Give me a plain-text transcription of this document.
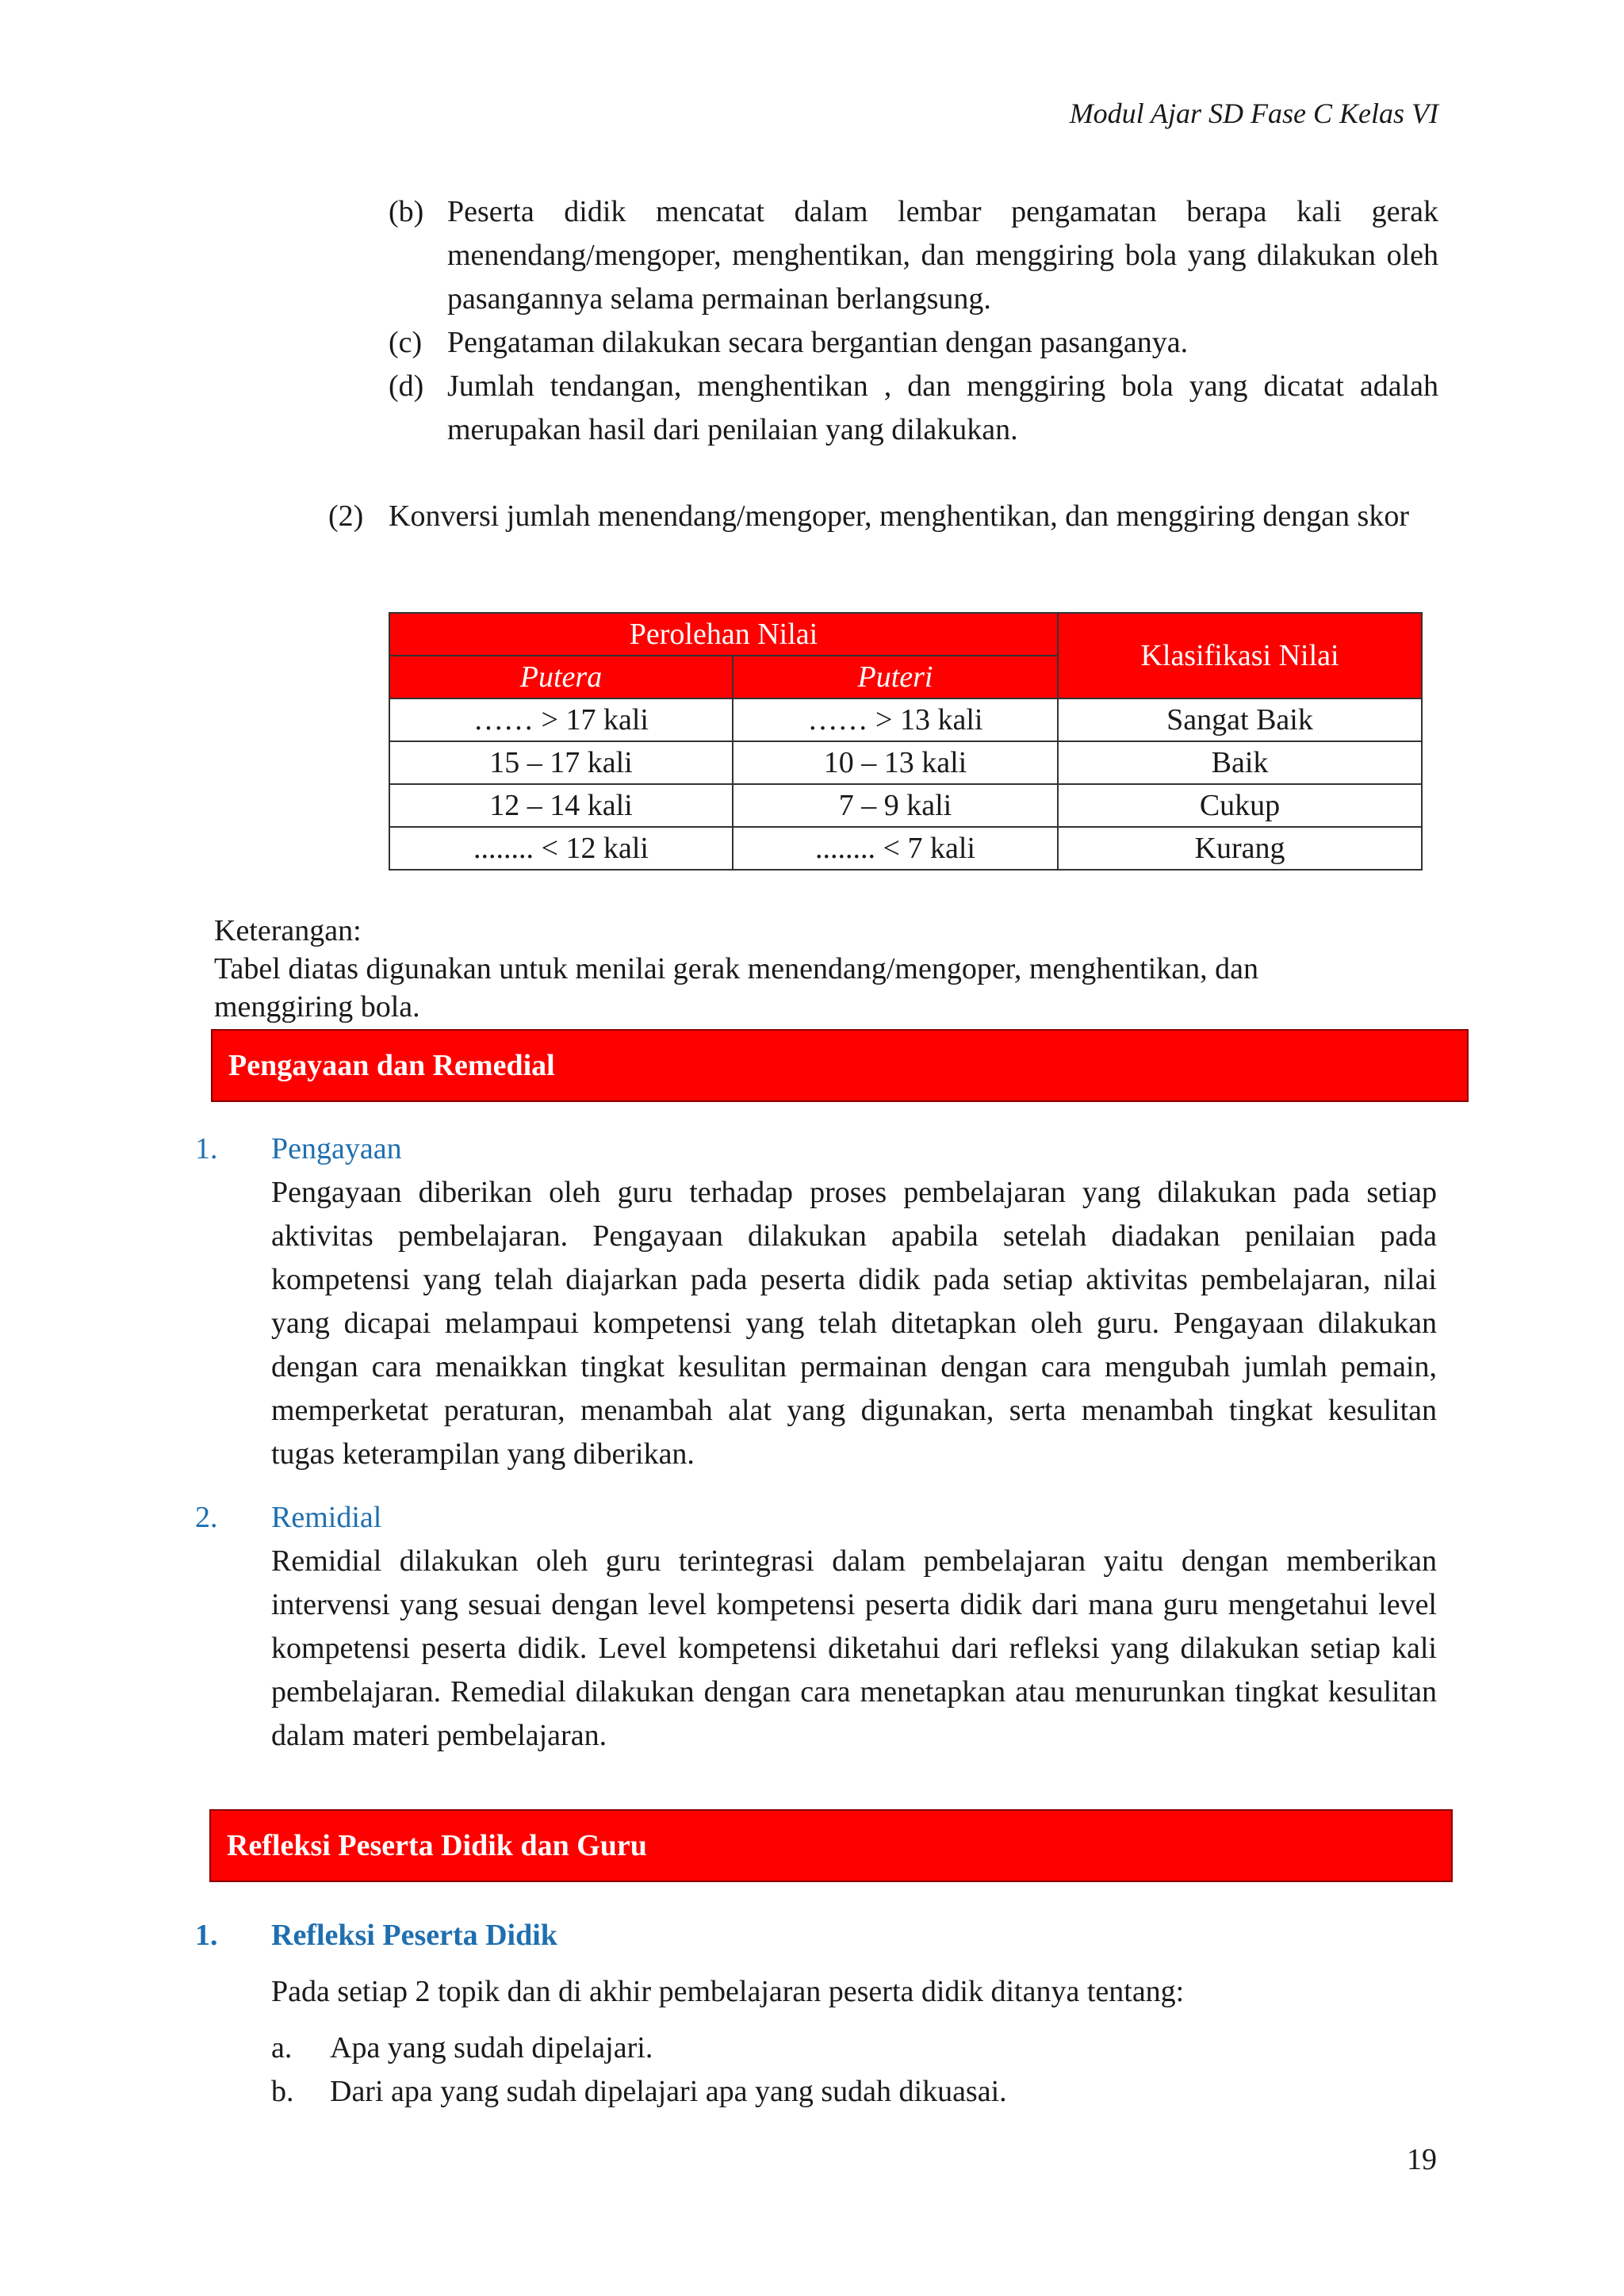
Modul Ajar SD Fase C Kelas VI
(b) Peserta didik mencatat dalam lembar pengamatan berapa kali gerak menendang/mengoper, menghentikan, dan menggiring bola yang dilakukan oleh pasangannya selama permainan berlangsung.
(c) Pengataman dilakukan secara bergantian dengan pasanganya.
(d) Jumlah tendangan, menghentikan , dan menggiring bola yang dicatat adalah merupakan hasil dari penilaian yang dilakukan.
(2) Konversi jumlah menendang/mengoper, menghentikan, dan menggiring dengan skor
Perolehan Nilai		Klasifikasi Nilai
Putera	Puteri	
…… > 17 kali	…… > 13 kali	Sangat Baik
15 – 17 kali	10 – 13 kali	Baik
12 – 14 kali	7 – 9 kali	Cukup
........ < 12 kali	........ < 7 kali	Kurang
Keterangan:
Tabel diatas digunakan untuk menilai gerak menendang/mengoper, menghentikan, dan
menggiring bola.
Pengayaan dan Remedial
1.	Pengayaan
Pengayaan diberikan oleh guru terhadap proses pembelajaran yang dilakukan pada setiap aktivitas pembelajaran. Pengayaan dilakukan apabila setelah diadakan penilaian pada kompetensi yang telah diajarkan pada peserta didik pada setiap aktivitas pembelajaran, nilai yang dicapai melampaui kompetensi yang telah ditetapkan oleh guru. Pengayaan dilakukan dengan cara menaikkan tingkat kesulitan permainan dengan cara mengubah jumlah pemain, memperketat peraturan, menambah alat yang digunakan, serta menambah tingkat kesulitan tugas keterampilan yang diberikan.
2.	Remidial
Remidial dilakukan oleh guru terintegrasi dalam pembelajaran yaitu dengan memberikan intervensi yang sesuai dengan level kompetensi peserta didik dari mana guru mengetahui level kompetensi peserta didik. Level kompetensi diketahui dari refleksi yang dilakukan setiap kali pembelajaran. Remedial dilakukan dengan cara menetapkan atau menurunkan tingkat kesulitan dalam materi pembelajaran.
Refleksi Peserta Didik dan Guru
1.	Refleksi Peserta Didik
Pada setiap 2 topik dan di akhir pembelajaran peserta didik ditanya tentang:
a.	Apa yang sudah dipelajari.
b.	Dari apa yang sudah dipelajari apa yang sudah dikuasai.
19
